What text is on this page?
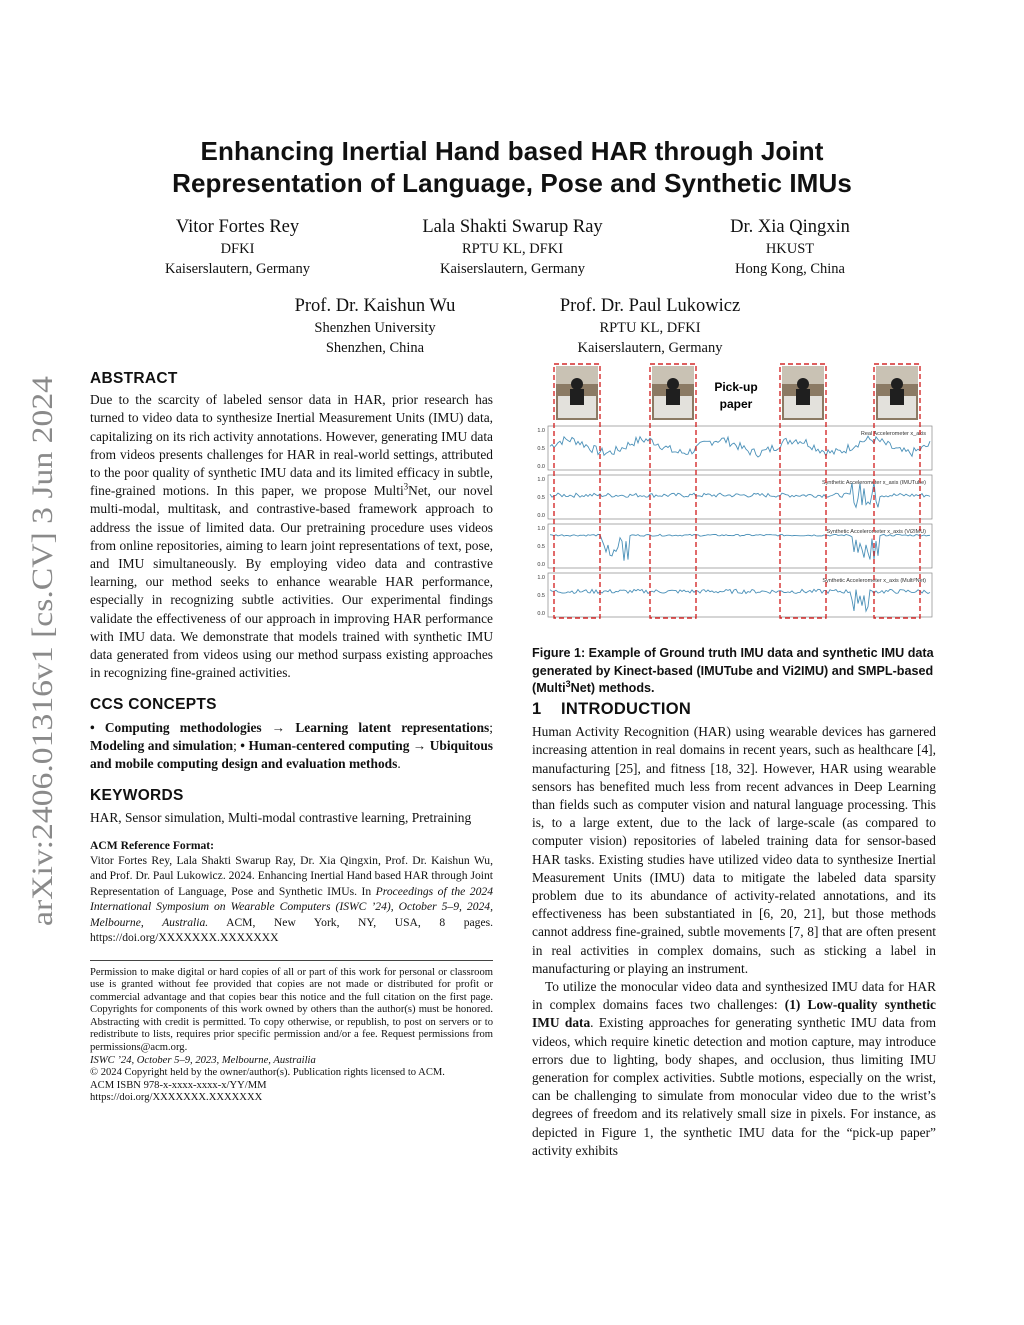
arXiv:2406.01316v1 [cs.CV] 3 Jun 2024
Enhancing Inertial Hand based HAR through Joint
Representation of Language, Pose and Synthetic IMUs
Vitor Fortes Rey
DFKI
Kaiserslautern, Germany
Lala Shakti Swarup Ray
RPTU KL, DFKI
Kaiserslautern, Germany
Dr. Xia Qingxin
HKUST
Hong Kong, China
Prof. Dr. Kaishun Wu
Shenzhen University
Shenzhen, China
Prof. Dr. Paul Lukowicz
RPTU KL, DFKI
Kaiserslautern, Germany
ABSTRACT

Due to the scarcity of labeled sensor data in HAR, prior research has turned to video data to synthesize Inertial Measurement Units (IMU) data, capitalizing on its rich activity annotations. However, generating IMU data from videos presents challenges for HAR in real-world settings, attributed to the poor quality of synthetic IMU data and its limited efficacy in subtle, fine-grained motions. In this paper, we propose Multi$^3$Net, our novel multi-modal, multitask, and contrastive-based framework approach to address the issue of limited data. Our pretraining procedure uses videos from online repositories, aiming to learn joint representations of text, pose, and IMU simultaneously. By employing video data and contrastive learning, our method seeks to enhance wearable HAR performance, especially in recognizing subtle activities. Our experimental findings validate the effectiveness of our approach in improving HAR performance with IMU data. We demonstrate that models trained with synthetic IMU data generated from videos using our method surpass existing approaches in recognizing fine-grained activities.

CCS CONCEPTS

• Computing methodologies → Learning latent representations; Modeling and simulation; • Human-centered computing → Ubiquitous and mobile computing design and evaluation methods.

KEYWORDS

HAR, Sensor simulation, Multi-modal contrastive learning, Pretraining

ACM Reference Format:
Vitor Fortes Rey, Lala Shakti Swarup Ray, Dr. Xia Qingxin, Prof. Dr. Kaishun Wu, and Prof. Dr. Paul Lukowicz. 2024. Enhancing Inertial Hand based HAR through Joint Representation of Language, Pose and Synthetic IMUs. In Proceedings of the 2024 International Symposium on Wearable Computers (ISWC ’24), October 5–9, 2024, Melbourne, Australia. ACM, New York, NY, USA, 8 pages. https://doi.org/XXXXXXX.XXXXXXX
Permission to make digital or hard copies of all or part of this work for personal or classroom use is granted without fee provided that copies are not made or distributed for profit or commercial advantage and that copies bear this notice and the full citation on the first page. Copyrights for components of this work owned by others than the author(s) must be honored. Abstracting with credit is permitted. To copy otherwise, or republish, to post on servers or to redistribute to lists, requires prior specific permission and/or a fee. Request permissions from permissions@acm.org.
ISWC ’24, October 5–9, 2023, Melbourne, Austrailia
© 2024 Copyright held by the owner/author(s). Publication rights licensed to ACM.
ACM ISBN 978-x-xxxx-xxxx-x/YY/MM
https://doi.org/XXXXXXX.XXXXXXX
Pick-up
paper
1.0
0.5
0.0
Real Accelerometer x_axis
1.0
0.5
0.0
Synthetic Accelerometer x_axis (IMUTube)
1.0
0.5
0.0
Synthetic Accelerometer x_axis (Vi2IMU)
1.0
0.5
0.0
Synthetic Accelerometer x_axis (Multi³Net)
Figure 1: Example of Ground truth IMU data and synthetic IMU data generated by Kinect-based (IMUTube and Vi2IMU) and SMPL-based (Multi$^3$Net) methods.
1    INTRODUCTION

Human Activity Recognition (HAR) using wearable devices has garnered increasing attention in real domains in recent years, such as healthcare [4], manufacturing [25], and fitness [18, 32]. However, HAR using wearable sensors has benefited much less from recent advances in Deep Learning than fields such as computer vision and natural language processing. This is, to a large extent, due to the lack of large-scale (as compared to computer vision) repositories of labeled training data for sensor-based HAR tasks. Existing studies have utilized video data to synthesize Inertial Measurement Units (IMU) data to mitigate the labeled data sparsity problem due to its abundance of activity-related annotations, and its effectiveness has been substantiated in [6, 20, 21], but those methods cannot address fine-grained, subtle movements [7, 8] that are often present in real activities in complex domains, such as sticking a label in manufacturing or playing an instrument.

To utilize the monocular video data and synthesized IMU data for HAR in complex domains faces two challenges: (1) Low-quality synthetic IMU data. Existing approaches for generating synthetic IMU data from videos, which require kinetic detection and motion capture, may introduce errors due to lighting, body shapes, and occlusion, thus limiting IMU generation for complex activities. Subtle motions, especially on the wrist, can be challenging to simulate from monocular video due to the wrist’s degrees of freedom and its relatively small size in pixels. For instance, as depicted in Figure 1, the synthetic IMU data for the “pick-up paper” activity exhibits
